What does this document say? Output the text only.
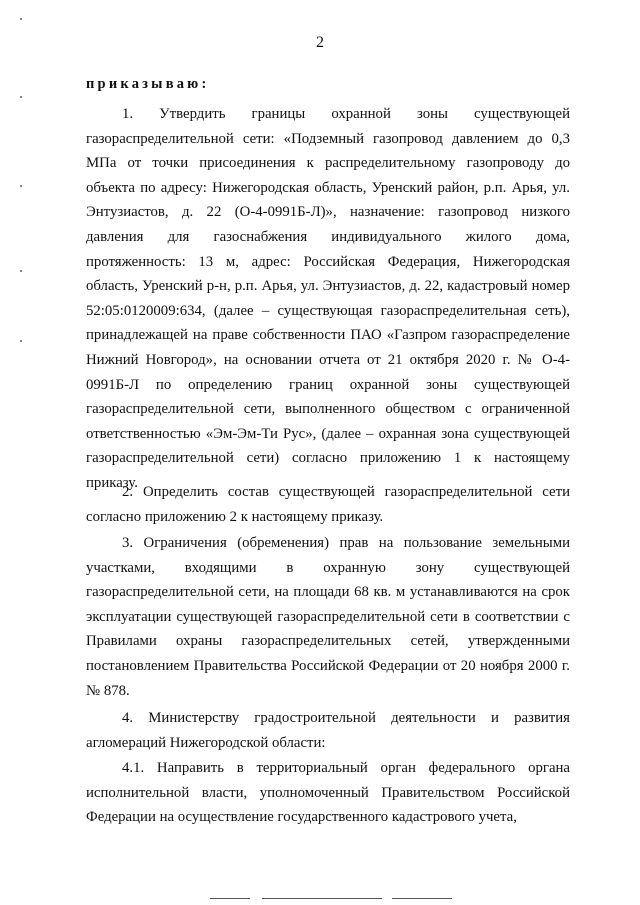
2
приказываю:

1. Утвердить границы охранной зоны существующей газораспределительной сети: «Подземный газопровод давлением до 0,3 МПа от точки присоединения к распределительному газопроводу до объекта по адресу: Нижегородская область, Уренский район, р.п. Арья, ул. Энтузиастов, д. 22 (О-4-0991Б-Л)», назначение: газопровод низкого давления для газоснабжения индивидуального жилого дома, протяженность: 13 м, адрес: Российская Федерация, Нижегородская область, Уренский р-н, р.п. Арья, ул. Энтузиастов, д. 22, кадастровый номер 52:05:0120009:634, (далее – существующая газораспределительная сеть), принадлежащей на праве собственности ПАО «Газпром газораспределение Нижний Новгород», на основании отчета от 21 октября 2020 г. № О-4-0991Б-Л по определению границ охранной зоны существующей газораспределительной сети, выполненного обществом с ограниченной ответственностью «Эм-Эм-Ти Рус», (далее – охранная зона существующей газораспределительной сети) согласно приложению 1 к настоящему приказу.

2. Определить состав существующей газораспределительной сети согласно приложению 2 к настоящему приказу.

3. Ограничения (обременения) прав на пользование земельными участками, входящими в охранную зону существующей газораспределительной сети, на площади 68 кв. м устанавливаются на срок эксплуатации существующей газораспределительной сети в соответствии с Правилами охраны газораспределительных сетей, утвержденными постановлением Правительства Российской Федерации от 20 ноября 2000 г. № 878.

4. Министерству градостроительной деятельности и развития агломераций Нижегородской области:

4.1. Направить в территориальный орган федерального органа исполнительной власти, уполномоченный Правительством Российской Федерации на осуществление государственного кадастрового учета,
